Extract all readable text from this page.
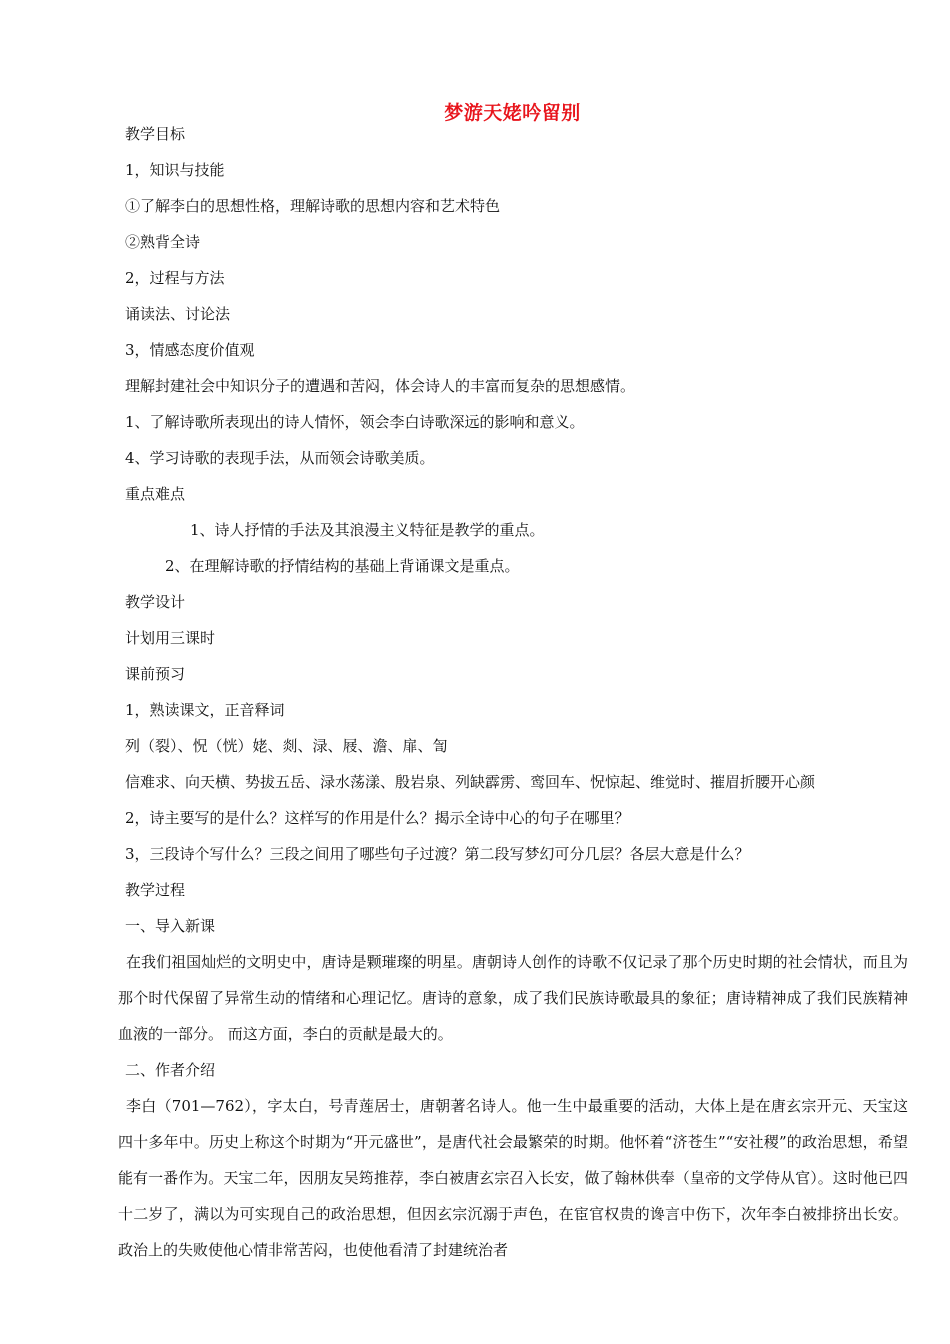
梦游天姥吟留别
教学目标
1，知识与技能
①了解李白的思想性格，理解诗歌的思想内容和艺术特色
②熟背全诗
2，过程与方法
诵读法、讨论法
3，情感态度价值观
理解封建社会中知识分子的遭遇和苦闷，体会诗人的丰富而复杂的思想感情。
1、了解诗歌所表现出的诗人情怀，领会李白诗歌深远的影响和意义。
4、学习诗歌的表现手法，从而领会诗歌美质。
重点难点
1、诗人抒情的手法及其浪漫主义特征是教学的重点。
2、在理解诗歌的抒情结构的基础上背诵课文是重点。
教学设计
计划用三课时
课前预习
1，熟读课文，正音释词
列（裂）、怳（恍）姥、剡、渌、屐、澹、扉、訇
信难求、向天横、势拔五岳、渌水荡漾、殷岩泉、列缺霹雳、鸾回车、怳惊起、维觉时、摧眉折腰开心颜
2，诗主要写的是什么？这样写的作用是什么？揭示全诗中心的句子在哪里？
3，三段诗个写什么？三段之间用了哪些句子过渡？第二段写梦幻可分几层？各层大意是什么？
教学过程
一、导入新课
在我们祖国灿烂的文明史中，唐诗是颗璀璨的明星。唐朝诗人创作的诗歌不仅记录了那个历史时期的社会情状，而且为那个时代保留了异常生动的情绪和心理记忆。唐诗的意象，成了我们民族诗歌最具的象征；唐诗精神成了我们民族精神血液的一部分。 而这方面，李白的贡献是最大的。
二、作者介绍
李白（701—762），字太白，号青莲居士，唐朝著名诗人。他一生中最重要的活动，大体上是在唐玄宗开元、天宝这四十多年中。历史上称这个时期为“开元盛世”，是唐代社会最繁荣的时期。他怀着“济苍生”“安社稷”的政治思想，希望能有一番作为。天宝二年，因朋友吴筠推荐，李白被唐玄宗召入长安，做了翰林供奉（皇帝的文学侍从官）。这时他已四十二岁了，满以为可实现自己的政治思想，但因玄宗沉溺于声色，在宦官权贵的谗言中伤下，次年李白被排挤出长安。政治上的失败使他心情非常苦闷，也使他看清了封建统治者
